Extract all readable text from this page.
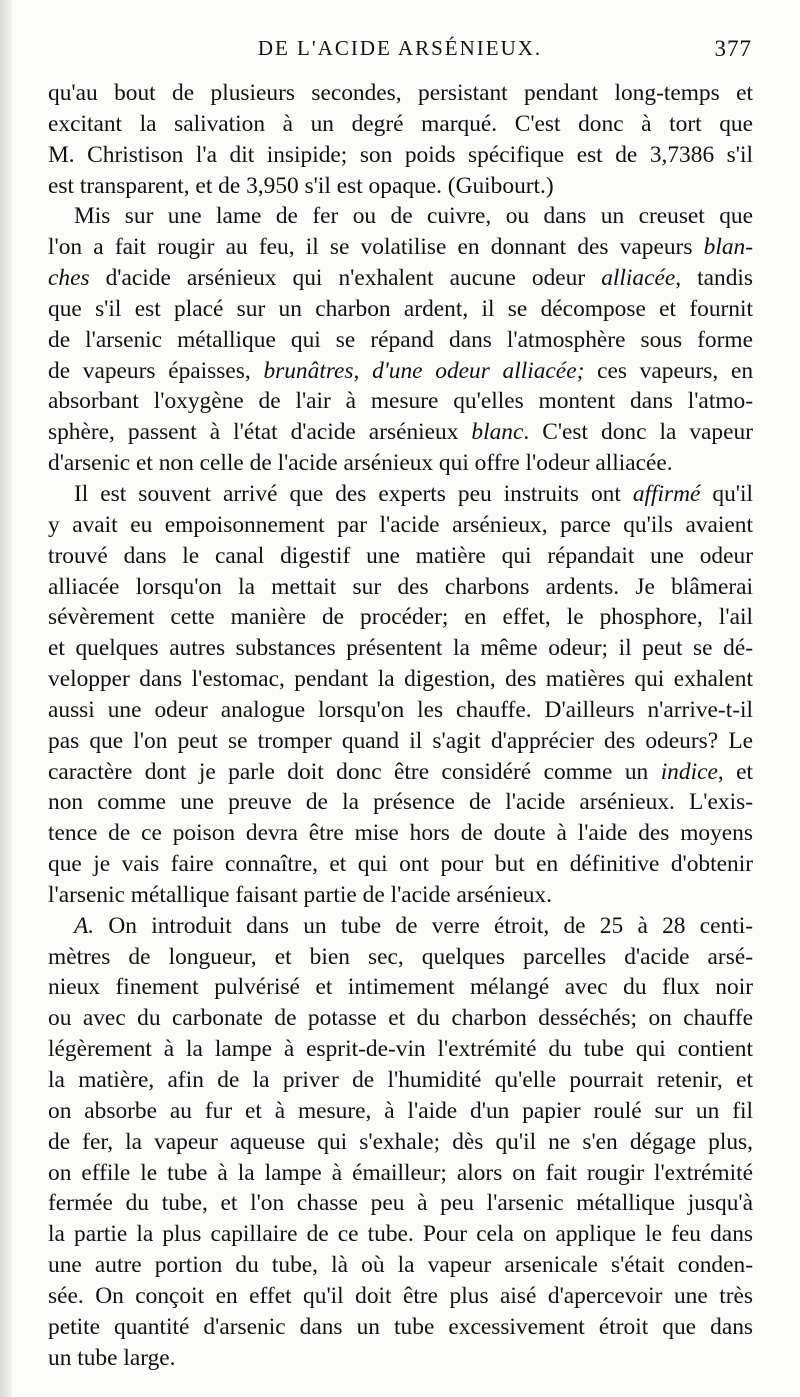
DE L'ACIDE ARSÉNIEUX.	377
qu'au bout de plusieurs secondes, persistant pendant long-temps et
excitant la salivation à un degré marqué. C'est donc à tort que
M. Christison l'a dit insipide; son poids spécifique est de 3,7386 s'il
est transparent, et de 3,950 s'il est opaque. (Guibourt.)
Mis sur une lame de fer ou de cuivre, ou dans un creuset que
l'on a fait rougir au feu, il se volatilise en donnant des vapeurs blan-
ches d'acide arsénieux qui n'exhalent aucune odeur alliacée, tandis
que s'il est placé sur un charbon ardent, il se décompose et fournit
de l'arsenic métallique qui se répand dans l'atmosphère sous forme
de vapeurs épaisses, brunâtres, d'une odeur alliacée; ces vapeurs, en
absorbant l'oxygène de l'air à mesure qu'elles montent dans l'atmo-
sphère, passent à l'état d'acide arsénieux blanc. C'est donc la vapeur
d'arsenic et non celle de l'acide arsénieux qui offre l'odeur alliacée.
Il est souvent arrivé que des experts peu instruits ont affirmé qu'il
y avait eu empoisonnement par l'acide arsénieux, parce qu'ils avaient
trouvé dans le canal digestif une matière qui répandait une odeur
alliacée lorsqu'on la mettait sur des charbons ardents. Je blâmerai
sévèrement cette manière de procéder; en effet, le phosphore, l'ail
et quelques autres substances présentent la même odeur; il peut se dé-
velopper dans l'estomac, pendant la digestion, des matières qui exhalent
aussi une odeur analogue lorsqu'on les chauffe. D'ailleurs n'arrive-t-il
pas que l'on peut se tromper quand il s'agit d'apprécier des odeurs? Le
caractère dont je parle doit donc être considéré comme un indice, et
non comme une preuve de la présence de l'acide arsénieux. L'exis-
tence de ce poison devra être mise hors de doute à l'aide des moyens
que je vais faire connaître, et qui ont pour but en définitive d'obtenir
l'arsenic métallique faisant partie de l'acide arsénieux.
A. On introduit dans un tube de verre étroit, de 25 à 28 centi-
mètres de longueur, et bien sec, quelques parcelles d'acide arsé-
nieux finement pulvérisé et intimement mélangé avec du flux noir
ou avec du carbonate de potasse et du charbon desséchés; on chauffe
légèrement à la lampe à esprit-de-vin l'extrémité du tube qui contient
la matière, afin de la priver de l'humidité qu'elle pourrait retenir, et
on absorbe au fur et à mesure, à l'aide d'un papier roulé sur un fil
de fer, la vapeur aqueuse qui s'exhale; dès qu'il ne s'en dégage plus,
on effile le tube à la lampe à émailleur; alors on fait rougir l'extrémité
fermée du tube, et l'on chasse peu à peu l'arsenic métallique jusqu'à
la partie la plus capillaire de ce tube. Pour cela on applique le feu dans
une autre portion du tube, là où la vapeur arsenicale s'était conden-
sée. On conçoit en effet qu'il doit être plus aisé d'apercevoir une très
petite quantité d'arsenic dans un tube excessivement étroit que dans
un tube large.
